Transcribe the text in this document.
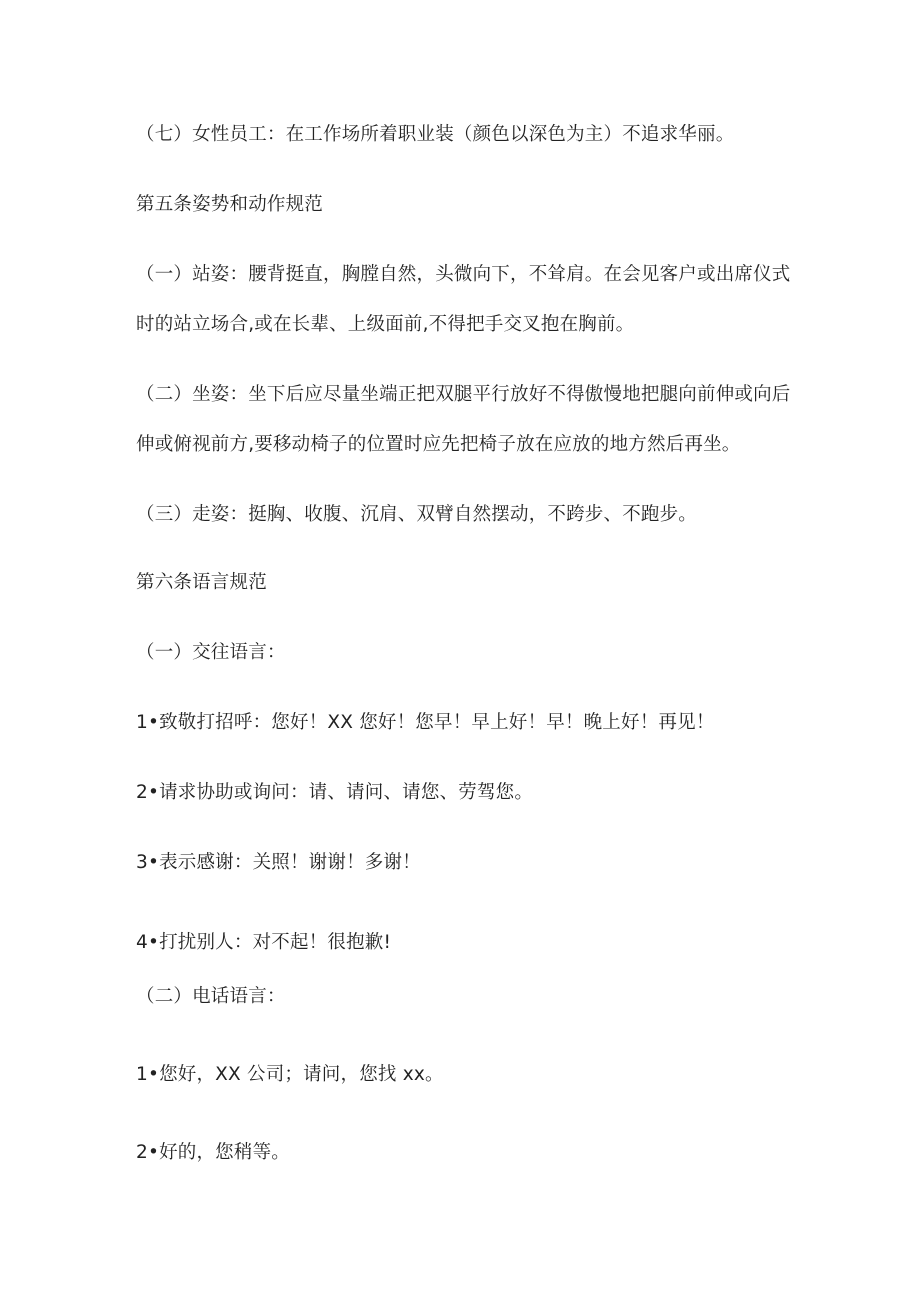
（七）女性员工：在工作场所着职业装（颜色以深色为主）不追求华丽。

第五条姿势和动作规范

（一）站姿：腰背挺直，胸膛自然，头微向下，不耸肩。在会见客户或出席仪式

时的站立场合,或在长辈、上级面前,不得把手交叉抱在胸前。

（二）坐姿：坐下后应尽量坐端正把双腿平行放好不得傲慢地把腿向前伸或向后

伸或俯视前方,要移动椅子的位置时应先把椅子放在应放的地方然后再坐。

（三）走姿：挺胸、收腹、沉肩、双臂自然摆动，不跨步、不跑步。

第六条语言规范

（一）交往语言：

1•致敬打招呼：您好！XX 您好！您早！早上好！早！晚上好！再见！

2•请求协助或询问：请、请问、请您、劳驾您。

3•表示感谢：关照！谢谢！多谢！

4•打扰别人：对不起！很抱歉!

（二）电话语言：

1•您好，XX 公司；请问，您找 xx。

2•好的，您稍等。
